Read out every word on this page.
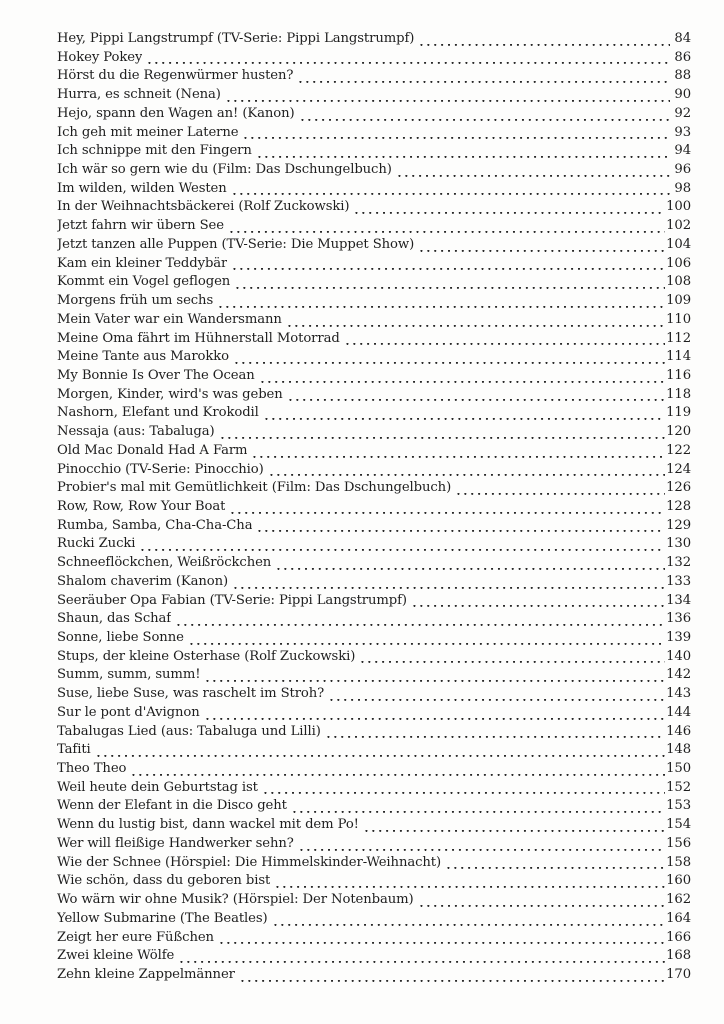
Hey, Pippi Langstrumpf (TV-Serie: Pippi Langstrumpf)	84
Hokey Pokey	86
Hörst du die Regenwürmer husten?	88
Hurra, es schneit (Nena)	90
Hejo, spann den Wagen an! (Kanon)	92
Ich geh mit meiner Laterne	93
Ich schnippe mit den Fingern	94
Ich wär so gern wie du (Film: Das Dschungelbuch)	96
Im wilden, wilden Westen	98
In der Weihnachtsbäckerei (Rolf Zuckowski)	100
Jetzt fahrn wir übern See	102
Jetzt tanzen alle Puppen (TV-Serie: Die Muppet Show)	104
Kam ein kleiner Teddybär	106
Kommt ein Vogel geflogen	108
Morgens früh um sechs	109
Mein Vater war ein Wandersmann	110
Meine Oma fährt im Hühnerstall Motorrad	112
Meine Tante aus Marokko	114
My Bonnie Is Over The Ocean	116
Morgen, Kinder, wird's was geben	118
Nashorn, Elefant und Krokodil	119
Nessaja (aus: Tabaluga)	120
Old Mac Donald Had A Farm	122
Pinocchio (TV-Serie: Pinocchio)	124
Probier's mal mit Gemütlichkeit (Film: Das Dschungelbuch)	126
Row, Row, Row Your Boat	128
Rumba, Samba, Cha-Cha-Cha	129
Rucki Zucki	130
Schneeflöckchen, Weißröckchen	132
Shalom chaverim (Kanon)	133
Seeräuber Opa Fabian (TV-Serie: Pippi Langstrumpf)	134
Shaun, das Schaf	136
Sonne, liebe Sonne	139
Stups, der kleine Osterhase (Rolf Zuckowski)	140
Summ, summ, summ!	142
Suse, liebe Suse, was raschelt im Stroh?	143
Sur le pont d'Avignon	144
Tabalugas Lied (aus: Tabaluga und Lilli)	146
Tafiti	148
Theo Theo	150
Weil heute dein Geburtstag ist	152
Wenn der Elefant in die Disco geht	153
Wenn du lustig bist, dann wackel mit dem Po!	154
Wer will fleißige Handwerker sehn?	156
Wie der Schnee (Hörspiel: Die Himmelskinder-Weihnacht)	158
Wie schön, dass du geboren bist	160
Wo wärn wir ohne Musik? (Hörspiel: Der Notenbaum)	162
Yellow Submarine (The Beatles)	164
Zeigt her eure Füßchen	166
Zwei kleine Wölfe	168
Zehn kleine Zappelmänner	170
